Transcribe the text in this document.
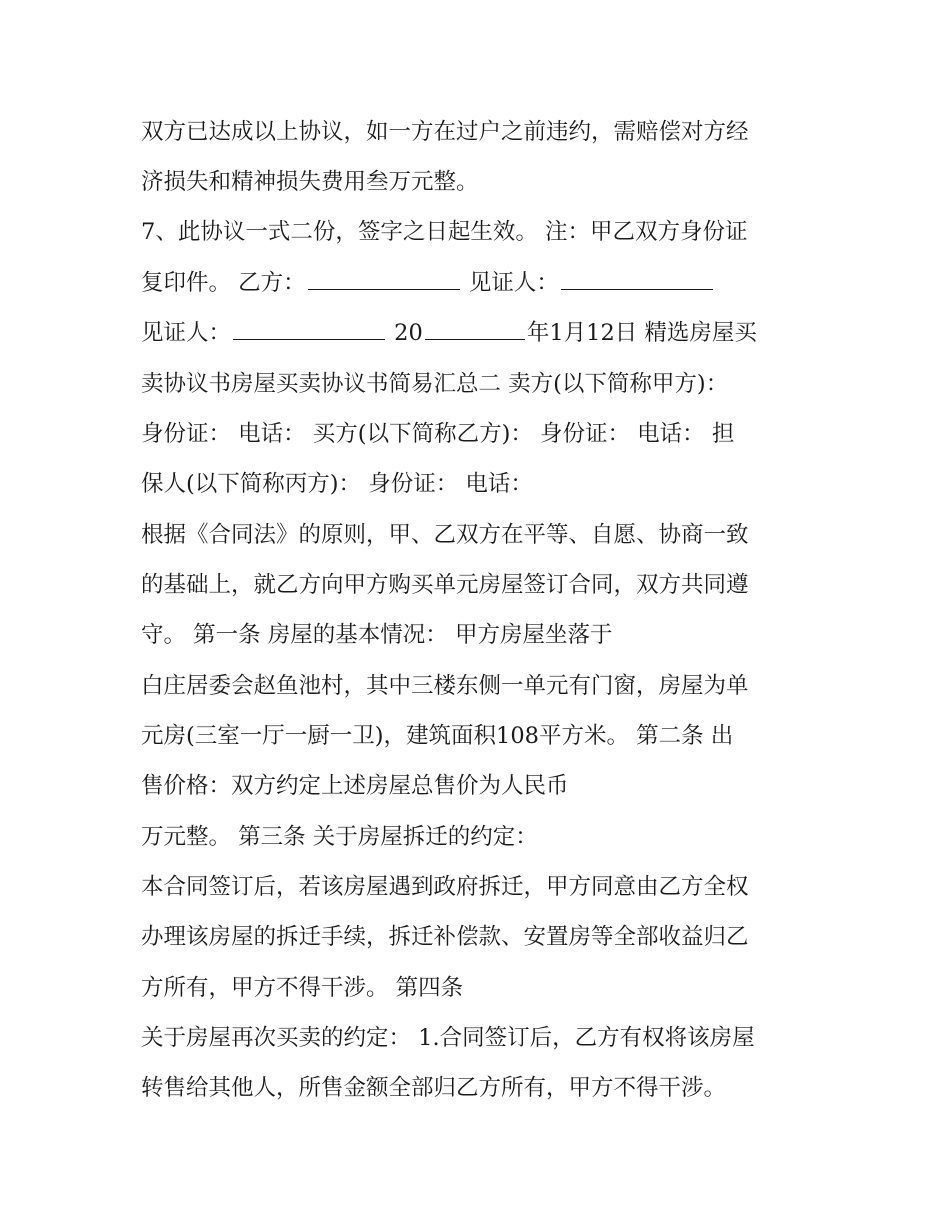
双方已达成以上协议，如一方在过户之前违约，需赔偿对方经
济损失和精神损失费用叁万元整。
7、此协议一式二份，签字之日起生效。 注：甲乙双方身份证
复印件。 乙方：	见证人：
见证人：	20	年1月12日 精选房屋买
卖协议书房屋买卖协议书简易汇总二 卖方(以下简称甲方)：
身份证： 电话： 买方(以下简称乙方)： 身份证： 电话： 担
保人(以下简称丙方)： 身份证： 电话：
根据《合同法》的原则，甲、乙双方在平等、自愿、协商一致
的基础上，就乙方向甲方购买单元房屋签订合同，双方共同遵
守。 第一条 房屋的基本情况： 甲方房屋坐落于
白庄居委会赵鱼池村，其中三楼东侧一单元有门窗，房屋为单
元房(三室一厅一厨一卫)，建筑面积108平方米。 第二条 出
售价格：双方约定上述房屋总售价为人民币
万元整。 第三条 关于房屋拆迁的约定：
本合同签订后，若该房屋遇到政府拆迁，甲方同意由乙方全权
办理该房屋的拆迁手续，拆迁补偿款、安置房等全部收益归乙
方所有，甲方不得干涉。 第四条
关于房屋再次买卖的约定： 1.合同签订后，乙方有权将该房屋
转售给其他人，所售金额全部归乙方所有，甲方不得干涉。
